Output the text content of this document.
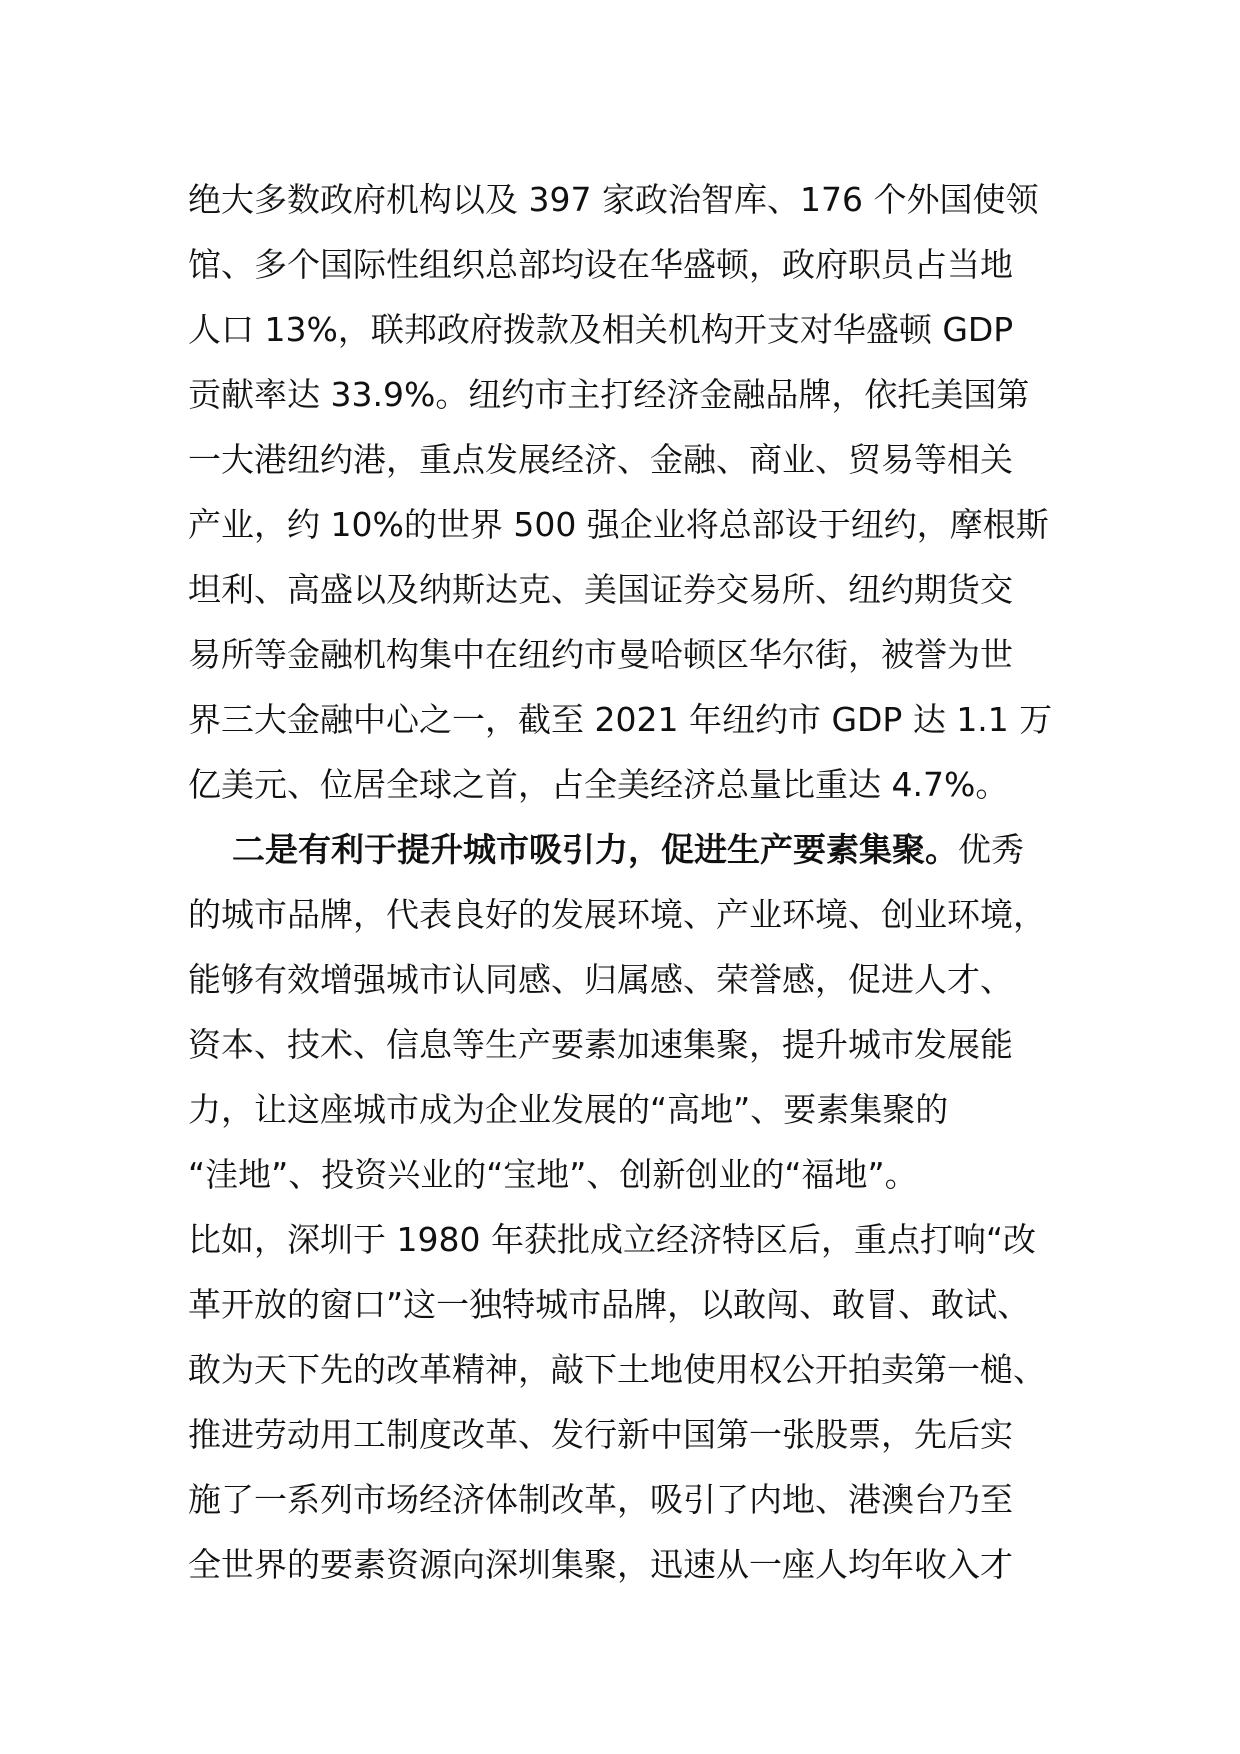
绝大多数政府机构以及 397 家政治智库、176 个外国使领
馆、多个国际性组织总部均设在华盛顿，政府职员占当地
人口 13%，联邦政府拨款及相关机构开支对华盛顿 GDP
贡献率达 33.9%。纽约市主打经济金融品牌，依托美国第
一大港纽约港，重点发展经济、金融、商业、贸易等相关
产业，约 10%的世界 500 强企业将总部设于纽约，摩根斯
坦利、高盛以及纳斯达克、美国证券交易所、纽约期货交
易所等金融机构集中在纽约市曼哈顿区华尔街，被誉为世
界三大金融中心之一，截至 2021 年纽约市 GDP 达 1.1 万
亿美元、位居全球之首，占全美经济总量比重达 4.7%。
二是有利于提升城市吸引力，促进生产要素集聚。优秀
的城市品牌，代表良好的发展环境、产业环境、创业环境，
能够有效增强城市认同感、归属感、荣誉感，促进人才、
资本、技术、信息等生产要素加速集聚，提升城市发展能
力，让这座城市成为企业发展的“高地”、要素集聚的
“洼地”、投资兴业的“宝地”、创新创业的“福地”。
比如，深圳于 1980 年获批成立经济特区后，重点打响“改
革开放的窗口”这一独特城市品牌，以敢闯、敢冒、敢试、
敢为天下先的改革精神，敲下土地使用权公开拍卖第一槌、
推进劳动用工制度改革、发行新中国第一张股票，先后实
施了一系列市场经济体制改革，吸引了内地、港澳台乃至
全世界的要素资源向深圳集聚，迅速从一座人均年收入才
